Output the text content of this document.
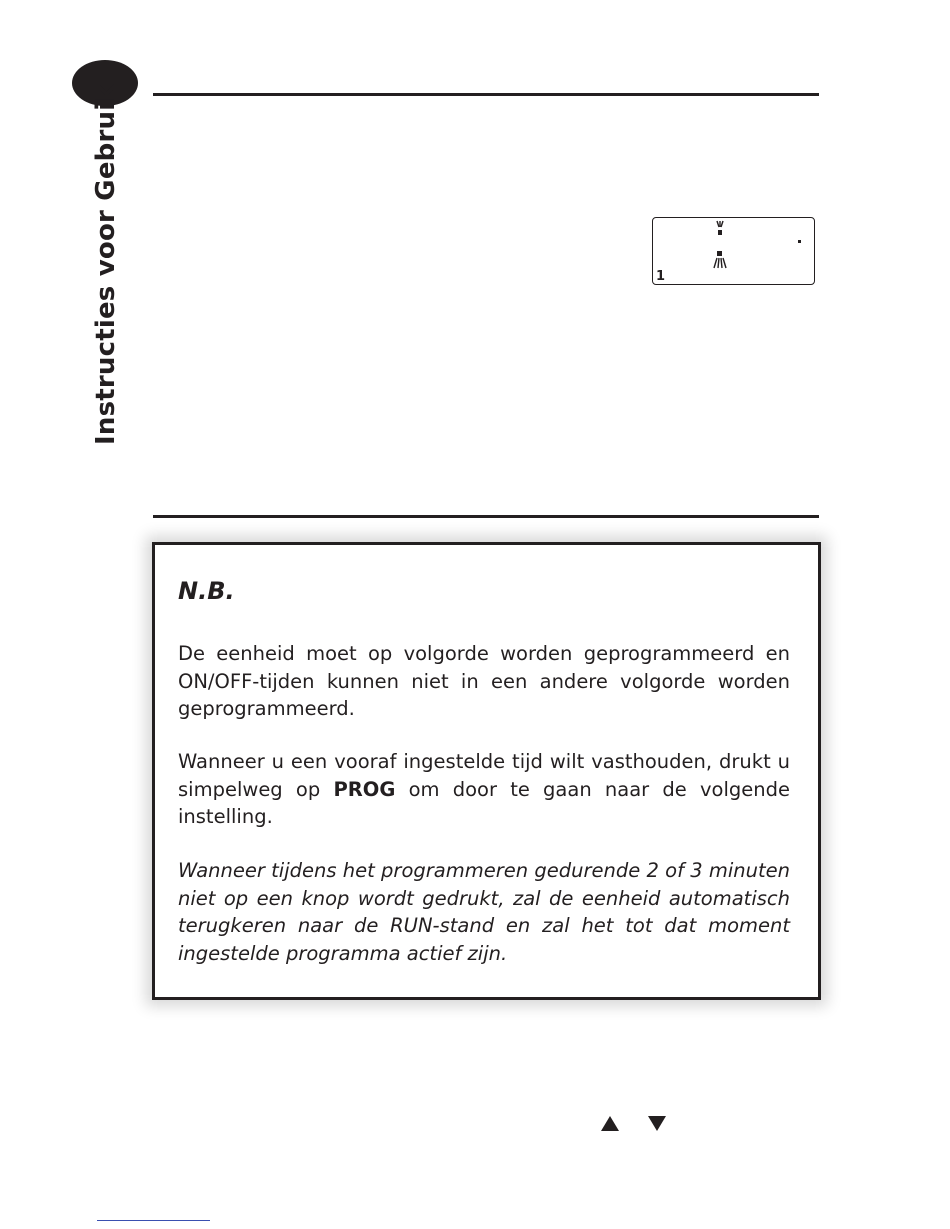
Instructies voor Gebruik	1
N.B.
De eenheid moet op volgorde worden geprogrammeerd en ON/OFF-tijden kunnen niet in een andere volgorde worden geprogrammeerd.
Wanneer u een vooraf ingestelde tijd wilt vasthouden, drukt u simpelweg op PROG om door te gaan naar de volgende instelling.
Wanneer tijdens het programmeren gedurende 2 of 3 minuten niet op een knop wordt gedrukt, zal de eenheid automatisch terugkeren naar de RUN-stand en zal het tot dat moment ingestelde programma actief zijn.
